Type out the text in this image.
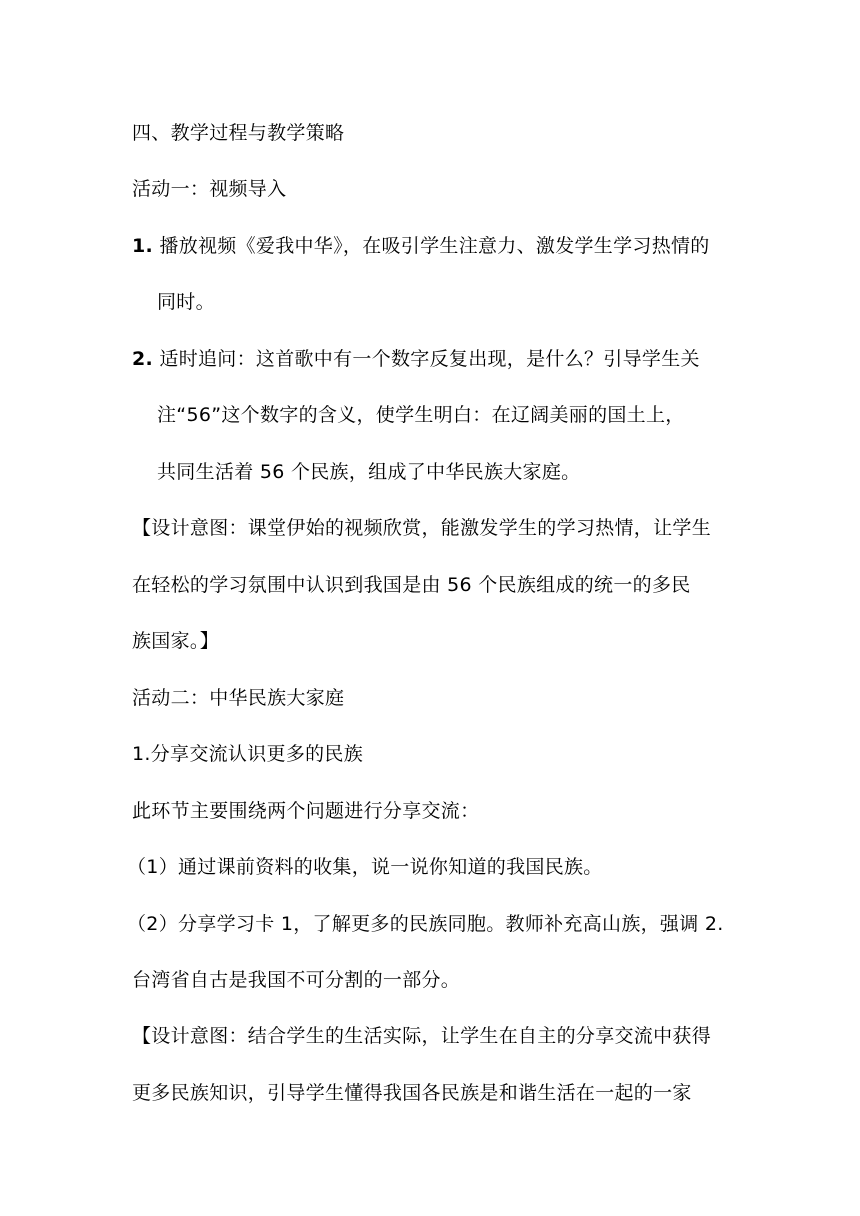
四、教学过程与教学策略
活动一：视频导入
1. 播放视频《爱我中华》，在吸引学生注意力、激发学生学习热情的
同时。
2. 适时追问：这首歌中有一个数字反复出现，是什么？引导学生关
注“56”这个数字的含义，使学生明白：在辽阔美丽的国土上，
共同生活着 56 个民族，组成了中华民族大家庭。
【设计意图：课堂伊始的视频欣赏，能激发学生的学习热情，让学生
在轻松的学习氛围中认识到我国是由 56 个民族组成的统一的多民
族国家。】
活动二：中华民族大家庭
1.分享交流认识更多的民族
此环节主要围绕两个问题进行分享交流：
（1）通过课前资料的收集，说一说你知道的我国民族。
（2）分享学习卡 1，了解更多的民族同胞。教师补充高山族，强调 2.
台湾省自古是我国不可分割的一部分。
【设计意图：结合学生的生活实际，让学生在自主的分享交流中获得
更多民族知识，引导学生懂得我国各民族是和谐生活在一起的一家
